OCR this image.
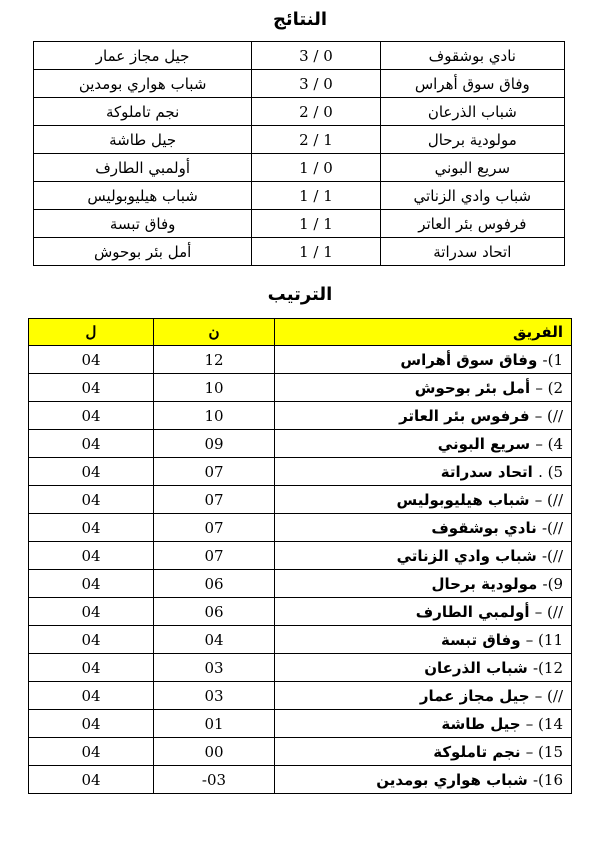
النتائج
جيل مجاز عمار	3 / 0	نادي بوشقوف
شباب هواري بومدين	3 / 0	وفاق سوق أهراس
نجم تاملوكة	2 / 0	شباب الذرعان
جيل طاشة	2 / 1	مولودية برحال
أولمبي الطارف	1 / 0	سريع البوني
شباب هيليوبوليس	1 / 1	شباب وادي الزناتي
وفاق تبسة	1 / 1	فرفوس بئر العاتر
أمل بئر بوحوش	1 / 1	اتحاد سدراتة
الترتيب
ل	ن	الفريق
04	12	1)- وفاق سوق أهراس
04	10	2) – أمل بئر بوحوش
04	10	//) – فرفوس بئر العاتر
04	09	4) – سريع البوني
04	07	5) . اتحاد سدراتة
04	07	//) – شباب هيليوبوليس
04	07	//)- نادي بوشقوف
04	07	//)- شباب وادي الزناتي
04	06	9)- مولودية برحال
04	06	//) – أولمبي الطارف
04	04	11) – وفاق تبسة
04	03	12)- شباب الذرعان
04	03	//) – جيل مجاز عمار
04	01	14) – جيل طاشة
04	00	15) – نجم تاملوكة
04	-03	16)- شباب هواري بومدين
